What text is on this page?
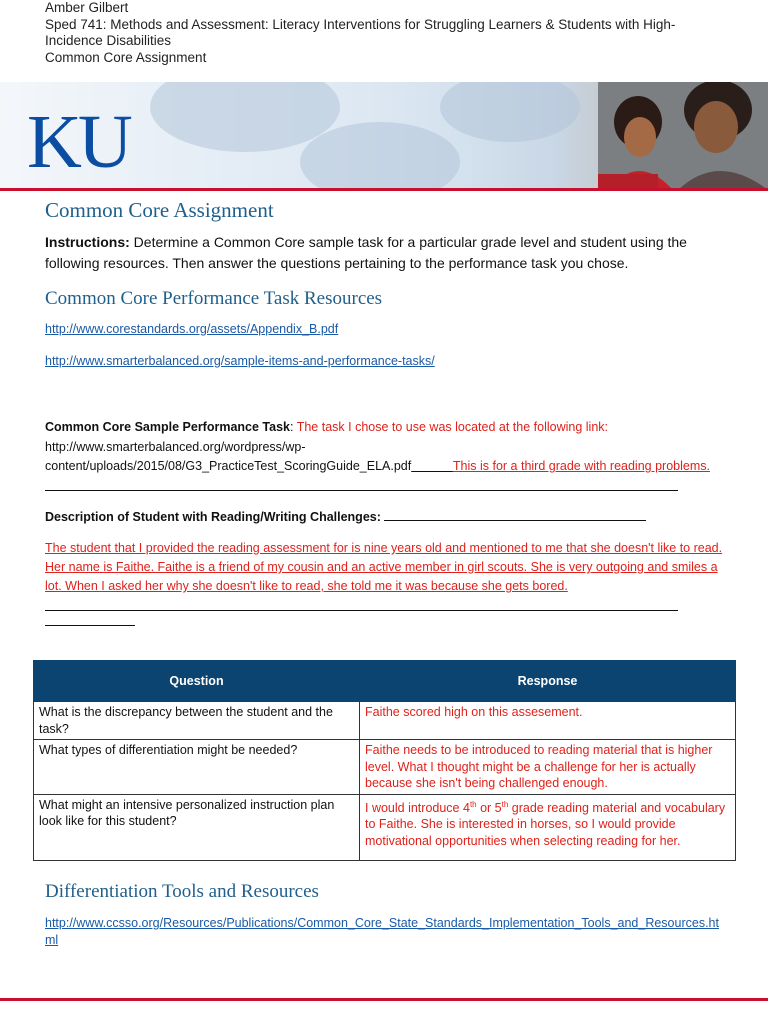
Amber Gilbert
Sped 741: Methods and Assessment: Literacy Interventions for Struggling Learners & Students with High-
Incidence Disabilities
Common Core Assignment
KU
Common Core Assignment
Instructions: Determine a Common Core sample task for a particular grade level and student using the following resources. Then answer the questions pertaining to the performance task you chose.
Common Core Performance Task Resources
http://www.corestandards.org/assets/Appendix_B.pdf
http://www.smarterbalanced.org/sample-items-and-performance-tasks/
Common Core Sample Performance Task: The task I chose to use was located at the following link:
http://www.smarterbalanced.org/wordpress/wp-
content/uploads/2015/08/G3_PracticeTest_ScoringGuide_ELA.pdf	This is for a third grade with reading problems.
Description of Student with Reading/Writing Challenges:
The student that I provided the reading assessment for is nine years old and mentioned to me that she doesn't like to read. Her name is Faithe. Faithe is a friend of my cousin and an active member in girl scouts. She is very outgoing and smiles a lot. When I asked her why she doesn't like to read, she told me it was because she gets bored.
Question	Response
What is the discrepancy between the student and the task?	Faithe scored high on this assesement.
What types of differentiation might be needed?	Faithe needs to be introduced to reading material that is higher level. What I thought might be a challenge for her is actually because she isn't being challenged enough.
What might an intensive personalized instruction plan look like for this student?	I would introduce 4th or 5th grade reading material and vocabulary to Faithe. She is interested in horses, so I would provide motivational opportunities when selecting reading for her.
Differentiation Tools and Resources
http://www.ccsso.org/Resources/Publications/Common_Core_State_Standards_Implementation_Tools_and_Resources.html
